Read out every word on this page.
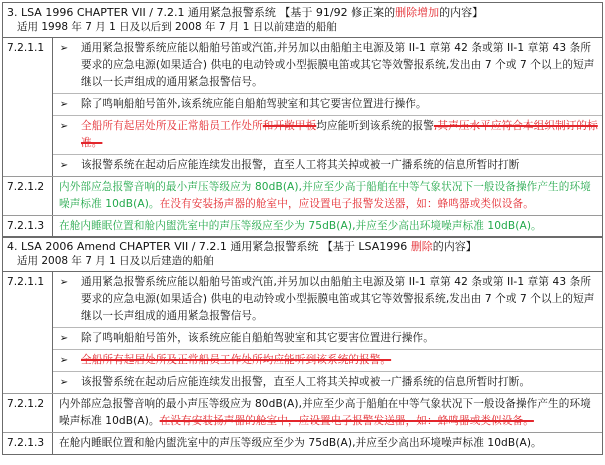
3. LSA 1996 CHAPTER VII / 7.2.1 通用紧急报警系统 【基于 91/92 修正案的删除增加的内容】
适用 1998 年 7 月 1 日及以后到 2008 年 7 月 1 日以前建造的船舶
7.2.1.1	➢	通用紧急报警系统应能以船舶号笛或汽笛,并另加以由船舶主电源及第 II-1 章第 42 条或第 II-1 章第 43 条所要求的应急电源(如果适合) 供电的电动铃或小型振膜电笛或其它等效警报系统,发出由 7 个或 7 个以上的短声继以一长声组成的通用紧急报警信号。
➢	除了鸣响船舶号笛外,该系统应能自船舶驾驶室和其它要害位置进行操作。
➢	全船所有起居处所及正常船员工作处所和开敞甲板均应能听到该系统的报警,其声压水平应符合本组织制订的标准。
➢	该报警系统在起动后应能连续发出报警，直至人工将其关掉或被一广播系统的信息所暂时打断
7.2.1.2	内外部应急报警音响的最小声压等级应为 80dB(A),并应至少高于船舶在中等气象状况下一般设备操作产生的环境噪声标准 10dB(A)。在没有安装扬声器的舱室中，应设置电子报警发送器，如：蜂鸣器或类似设备。
7.2.1.3	在舱内睡眠位置和舱内盥洗室中的声压等级应至少为 75dB(A),并应至少高出环境噪声标准 10dB(A)。
4. LSA 2006 Amend CHAPTER VII / 7.2.1 通用紧急报警系统 【基于 LSA1996 删除的内容】
适用 2008 年 7 月 1 日及以后建造的船舶
7.2.1.1	➢	通用紧急报警系统应能以船舶号笛或汽笛,并另加以由船舶主电源及第 II-1 章第 42 条或第 II-1 章第 43 条所要求的应急电源(如果适合) 供电的电动铃或小型振膜电笛或其它等效警报系统,发出由 7 个或 7 个以上的短声继以一长声组成的通用紧急报警信号。
➢	除了鸣响船舶号笛外，该系统应能自船舶驾驶室和其它要害位置进行操作。
➢	全船所有起居处所及正常船员工作处所均应能听到该系统的报警。
➢	该报警系统在起动后应能连续发出报警，直至人工将其关掉或被一广播系统的信息所暂时打断。
7.2.1.2	内外部应急报警音响的最小声压等级应为 80dB(A),并应至少高于船舶在中等气象状况下一般设备操作产生的环境噪声标准 10dB(A)。在没有安装扬声器的舱室中，应设置电子报警发送器，如：蜂鸣器或类似设备。
7.2.1.3	在舱内睡眠位置和舱内盥洗室中的声压等级应至少为 75dB(A),并应至少高出环境噪声标准 10dB(A)。
